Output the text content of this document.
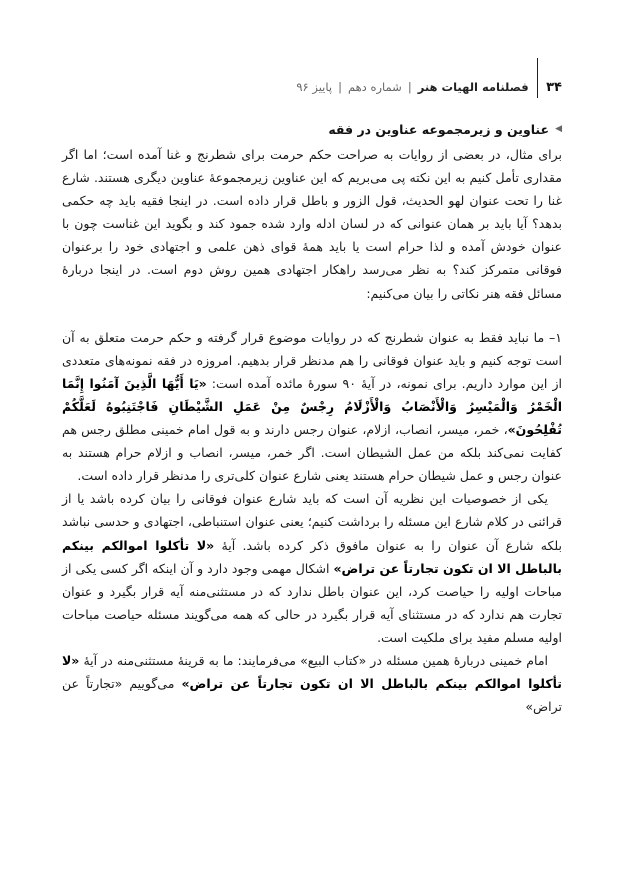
۳۴
فصلنامه الهیات هنر
|
شماره دهم
|
پاییز ۹۶
◀
عناوین و زیرمجموعه عناوین در فقه
برای مثال، در بعضی از روایات به صراحت حکم حرمت برای شطرنج و غنا آمده است؛ اما اگر مقداری تأمل کنیم به این نکته پی می‌بریم که این عناوین زیرمجموعهٔ عناوین دیگری هستند. شارع غنا را تحت عنوان لهو الحدیث، قول الزور و باطل قرار داده است. در اینجا فقیه باید چه حکمی بدهد؟ آیا باید بر همان عنوانی که در لسان ادله وارد شده جمود کند و بگوید این غناست چون با عنوان خودش آمده و لذا حرام است یا باید همهٔ قوای ذهن علمی و اجتهادی خود را برعنوان فوقانی متمرکز کند؟ به نظر می‌رسد راهکار اجتهادی همین روش دوم است. در اینجا دربارهٔ مسائل فقه هنر نکاتی را بیان می‌کنیم:
۱– ما نباید فقط به عنوان شطرنج که در روایات موضوع قرار گرفته و حکم حرمت متعلق به آن است توجه کنیم و باید عنوان فوقانی را هم مدنظر قرار بدهیم. امروزه در فقه نمونه‌های متعددی از این موارد داریم. برای نمونه، در آیهٔ ۹۰ سورهٔ مائده آمده است: «یَا أَیُّهَا الَّذِینَ آمَنُوا إِنَّمَا الْخَمْرُ وَالْمَیْسِرُ وَالْأَنْصَابُ وَالْأَزْلَامُ رِجْسٌ مِنْ عَمَلِ الشَّیْطَانِ فَاجْتَنِبُوهُ لَعَلَّکُمْ تُفْلِحُونَ»، خمر، میسر، انصاب، ازلام، عنوان رجس دارند و به قول امام خمینی مطلق رجس هم کفایت نمی‌کند بلکه من عمل الشیطان است. اگر خمر، میسر، انصاب و ازلام حرام هستند به عنوان رجس و عمل شیطان حرام هستند یعنی شارع عنوان کلی‌تری را مدنظر قرار داده است.
یکی از خصوصیات این نظریه آن است که باید شارع عنوان فوقانی را بیان کرده باشد یا از قرائنی در کلام شارع این مسئله را برداشت کنیم؛ یعنی عنوان استنباطی، اجتهادی و حدسی نباشد بلکه شارع آن عنوان را به عنوان مافوق ذکر کرده باشد. آیهٔ «لا تأکلوا اموالکم بینکم بالباطل الا ان تکون تجارتاً عن تراض» اشکال مهمی وجود دارد و آن اینکه اگر کسی یکی از مباحات اولیه را حیاصت کرد، این عنوان باطل ندارد که در مستثنی‌منه آیه قرار بگیرد و عنوان تجارت هم ندارد که در مستثنای آیه قرار بگیرد در حالی که همه می‌گویند مسئله حیاصت مباحات اولیه مسلم مفید برای ملکیت است.
امام خمینی دربارهٔ همین مسئله در «کتاب البیع» می‌فرمایند: ما به قرینهٔ مستثنی‌منه در آیهٔ «لا تأکلوا اموالکم بینکم بالباطل الا ان تکون تجارتاً عن تراض» می‌گوییم «تجارتاً عن تراض»
